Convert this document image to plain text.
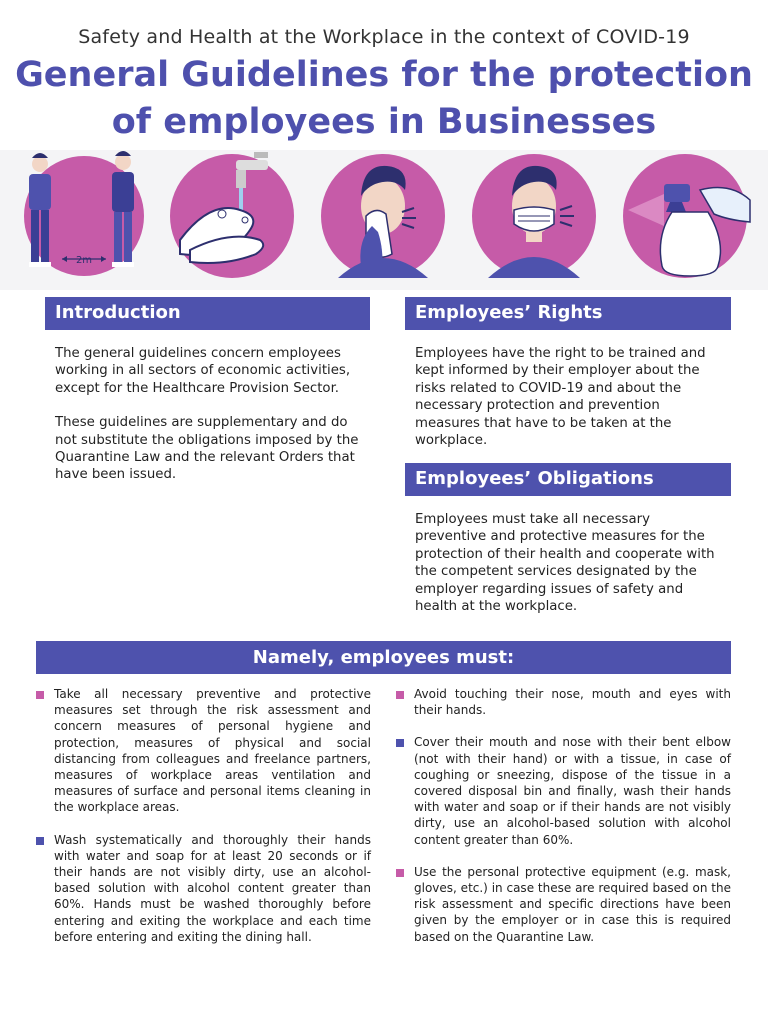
Safety and Health at the Workplace in the context of COVID-19
General Guidelines for the protection
of employees in Businesses
2m
Introduction

The general guidelines concern employees working in all sectors of economic activities, except for the Healthcare Provision Sector.

These guidelines are supplementary and do not substitute the obligations imposed by the Quarantine Law and the relevant Orders that have been issued.

Employees’ Rights

Employees have the right to be trained and kept informed by their employer about the risks related to COVID-19 and about the necessary protection and prevention measures that have to be taken at the workplace.

Employees’ Obligations

Employees must take all necessary preventive and protective measures for the protection of their health and cooperate with the competent services designated by the employer regarding issues of safety and health at the workplace.

Namely, employees must:
Take all necessary preventive and protective measures set through the risk assessment and concern measures of personal hygiene and protection, measures of physical and social distancing from colleagues and freelance partners, measures of workplace areas ventilation and measures of surface and personal items cleaning in the workplace areas.
Wash systematically and thoroughly their hands with water and soap for at least 20 seconds or if their hands are not visibly dirty, use an alcohol-based solution with alcohol content greater than 60%. Hands must be washed thoroughly before entering and exiting the workplace and each time before entering and exiting the dining hall.
Avoid touching their nose, mouth and eyes with their hands.
Cover their mouth and nose with their bent elbow (not with their hand) or with a tissue, in case of coughing or sneezing, dispose of the tissue in a covered disposal bin and finally, wash their hands with water and soap or if their hands are not visibly dirty, use an alcohol-based solution with alcohol content greater than 60%.
Use the personal protective equipment (e.g. mask, gloves, etc.) in case these are required based on the risk assessment and specific directions have been given by the employer or in case this is required based on the Quarantine Law.
